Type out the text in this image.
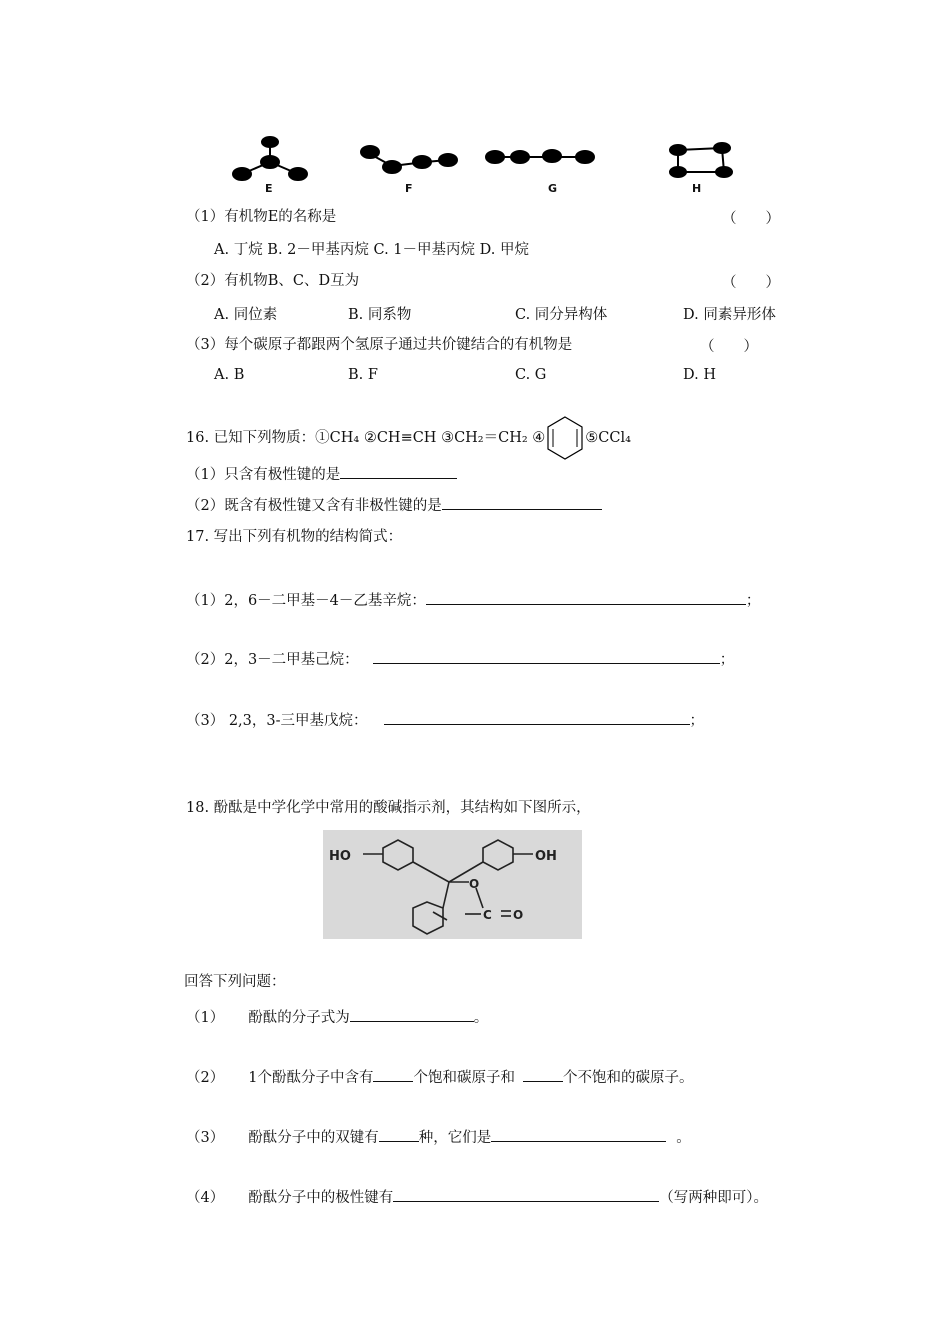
E	F	G	H
（1）有机物E的名称是	（　　）
A. 丁烷 B. 2－甲基丙烷 C. 1－甲基丙烷 D. 甲烷
（2）有机物B、C、D互为	（　　）
A. 同位素	B. 同系物	C. 同分异构体	D. 同素异形体
（3）每个碳原子都跟两个氢原子通过共价键结合的有机物是	（　　）
A. B	B. F	C. G	D. H
16. 已知下列物质：①CH₄ ②CH≡CH ③CH₂＝CH₂ ④	⑤CCl₄
（1）只含有极性键的是
（2）既含有极性键又含有非极性键的是
17. 写出下列有机物的结构简式：
（1）2，6－二甲基－4－乙基辛烷：	；
（2）2，3－二甲基己烷：	；
（3） 2,3，3-三甲基戊烷：	；
18. 酚酞是中学化学中常用的酸碱指示剂，其结构如下图所示，
HO	OH
O
C O
回答下列问题：
（1） 酚酞的分子式为	。
（2） 1个酚酞分子中含有	个饱和碳原子和	个不饱和的碳原子。
（3） 酚酞分子中的双键有	种，它们是	。
（4） 酚酞分子中的极性键有	（写两种即可）。
